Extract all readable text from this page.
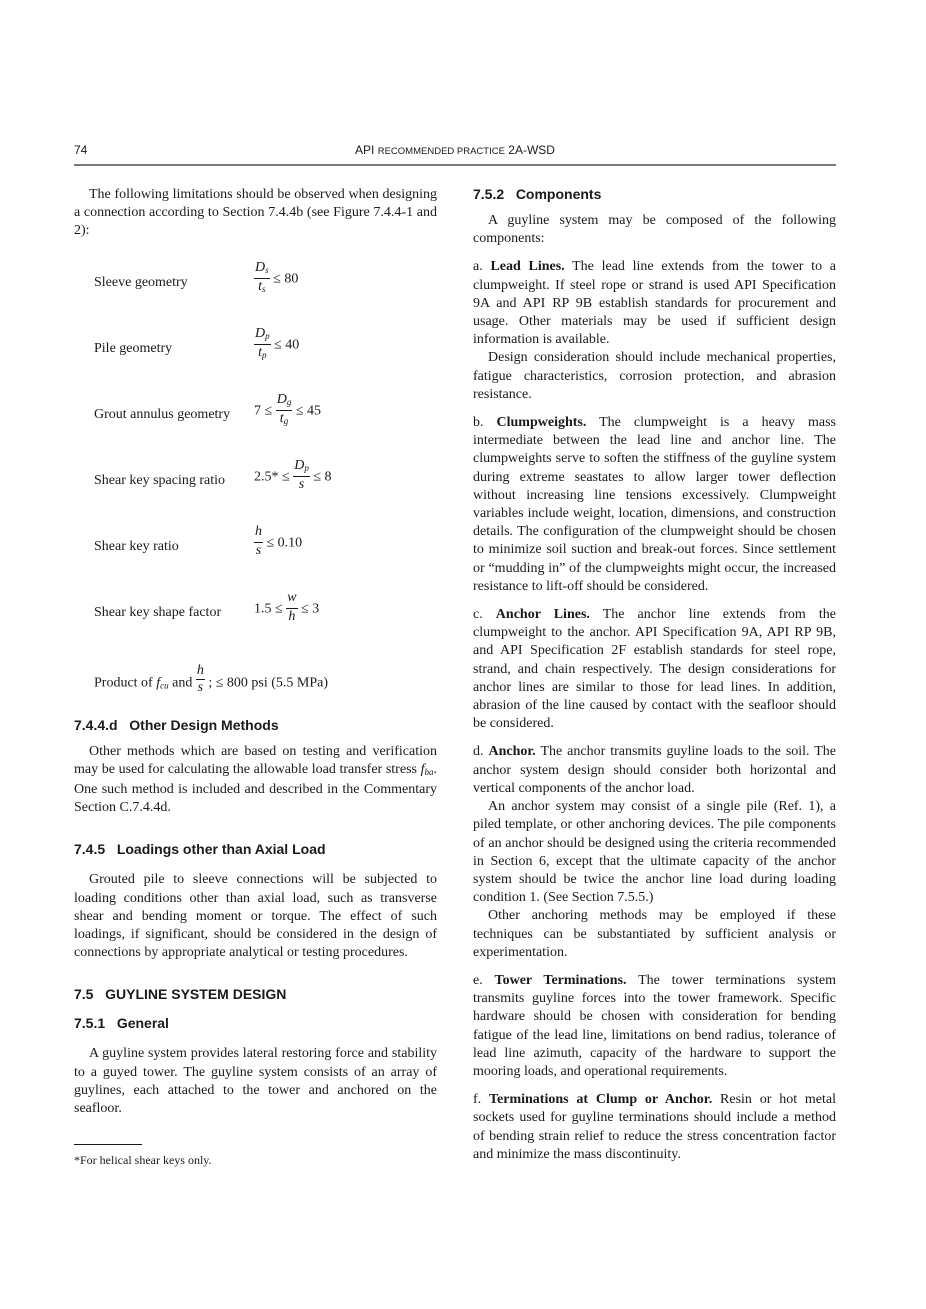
74	API RECOMMENDED PRACTICE 2A-WSD

The following limitations should be observed when designing a connection according to Section 7.4.4b (see Figure 7.4.4-1 and 2):

Sleeve geometry	$\frac{D_s}{t_s} \le 80$
Pile geometry	$\frac{D_p}{t_p} \le 40$
Grout annulus geometry $7 \le \frac{D_g}{t_g} \le 45$
Shear key spacing ratio $2.5* \le \frac{D_p}{s} \le 8$
Shear key ratio	$\frac{h}{s} \le 0.10$
Shear key shape factor $1.5 \le \frac{w}{h} \le 3$
Product of $f_{cu}$ and $\frac{h}{s}$ ; ≤ 800 psi (5.5 MPa)
7.4.4.d Other Design Methods

Other methods which are based on testing and verification may be used for calculating the allowable load transfer stress $f_{ba}$. One such method is included and described in the Commentary Section C.7.4.4d.

7.4.5 Loadings other than Axial Load

Grouted pile to sleeve connections will be subjected to loading conditions other than axial load, such as transverse shear and bending moment or torque. The effect of such loadings, if significant, should be considered in the design of connections by appropriate analytical or testing procedures.

7.5 GUYLINE SYSTEM DESIGN
7.5.1 General

A guyline system provides lateral restoring force and stability to a guyed tower. The guyline system consists of an array of guylines, each attached to the tower and anchored on the seafloor.

*For helical shear keys only.
7.5.2 Components

A guyline system may be composed of the following components:

a. Lead Lines. The lead line extends from the tower to a clumpweight. If steel rope or strand is used API Specification 9A and API RP 9B establish standards for procurement and usage. Other materials may be used if sufficient design information is available.

Design consideration should include mechanical properties, fatigue characteristics, corrosion protection, and abrasion resistance.

b. Clumpweights. The clumpweight is a heavy mass intermediate between the lead line and anchor line. The clumpweights serve to soften the stiffness of the guyline system during extreme seastates to allow larger tower deflection without increasing line tensions excessively. Clumpweight variables include weight, location, dimensions, and construction details. The configuration of the clumpweight should be chosen to minimize soil suction and break-out forces. Since settlement or “mudding in” of the clumpweights might occur, the increased resistance to lift-off should be considered.

c. Anchor Lines. The anchor line extends from the clumpweight to the anchor. API Specification 9A, API RP 9B, and API Specification 2F establish standards for steel rope, strand, and chain respectively. The design considerations for anchor lines are similar to those for lead lines. In addition, abrasion of the line caused by contact with the seafloor should be considered.

d. Anchor. The anchor transmits guyline loads to the soil. The anchor system design should consider both horizontal and vertical components of the anchor load.

An anchor system may consist of a single pile (Ref. 1), a piled template, or other anchoring devices. The pile components of an anchor should be designed using the criteria recommended in Section 6, except that the ultimate capacity of the anchor system should be twice the anchor line load during loading condition 1. (See Section 7.5.5.)

Other anchoring methods may be employed if these techniques can be substantiated by sufficient analysis or experimentation.

e. Tower Terminations. The tower terminations system transmits guyline forces into the tower framework. Specific hardware should be chosen with consideration for bending fatigue of the lead line, limitations on bend radius, tolerance of lead line azimuth, capacity of the hardware to support the mooring loads, and operational requirements.

f. Terminations at Clump or Anchor. Resin or hot metal sockets used for guyline terminations should include a method of bending strain relief to reduce the stress concentration factor and minimize the mass discontinuity.
